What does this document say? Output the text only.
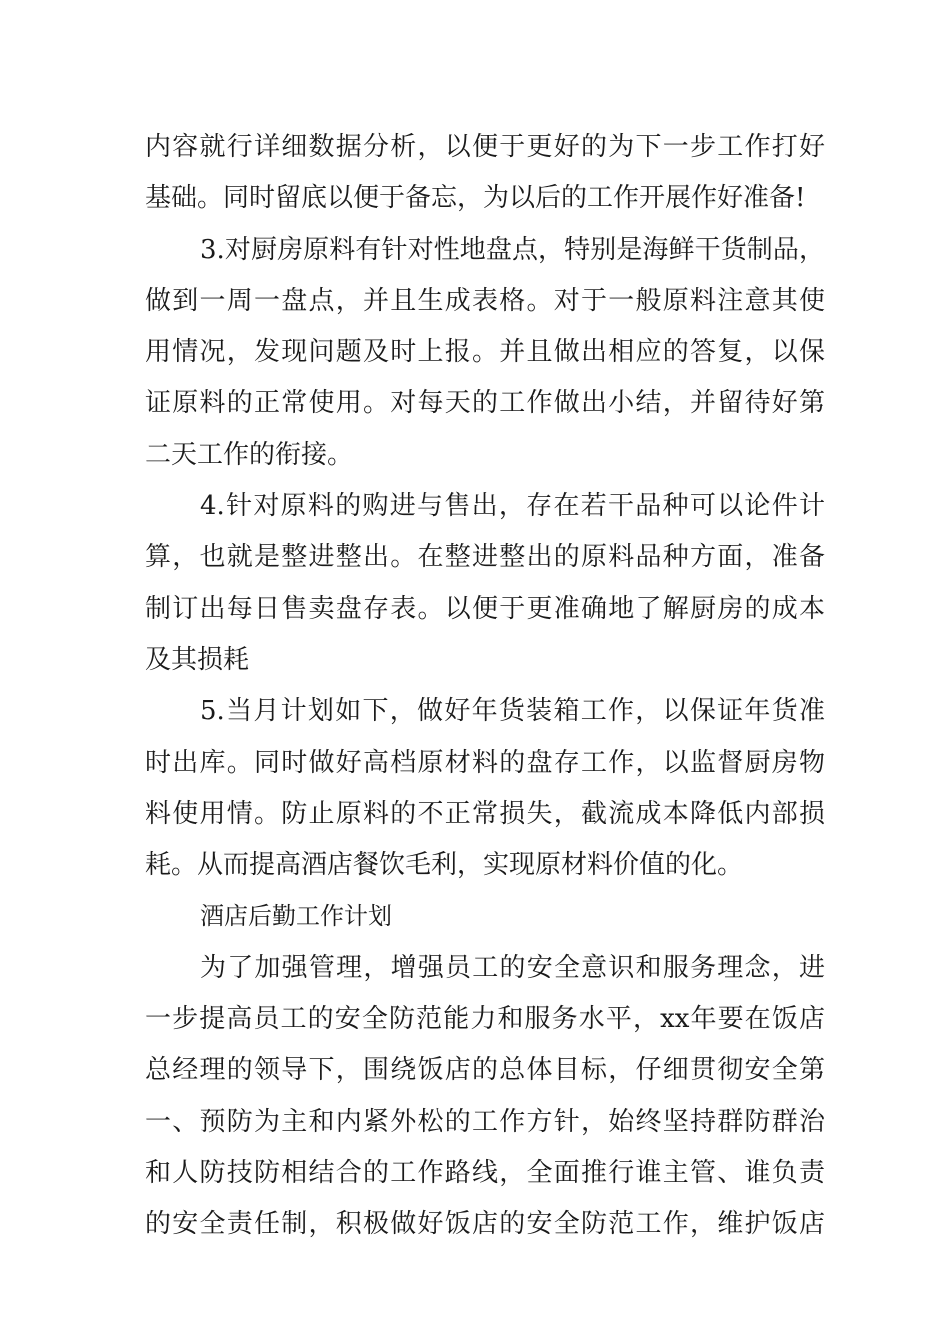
内容就行详细数据分析，以便于更好的为下一步工作打好
基础。同时留底以便于备忘，为以后的工作开展作好准备!
3.对厨房原料有针对性地盘点，特别是海鲜干货制品，
做到一周一盘点，并且生成表格。对于一般原料注意其使
用情况，发现问题及时上报。并且做出相应的答复，以保
证原料的正常使用。对每天的工作做出小结，并留待好第
二天工作的衔接。
4.针对原料的购进与售出，存在若干品种可以论件计
算，也就是整进整出。在整进整出的原料品种方面，准备
制订出每日售卖盘存表。以便于更准确地了解厨房的成本
及其损耗
5.当月计划如下，做好年货装箱工作，以保证年货准
时出库。同时做好高档原材料的盘存工作，以监督厨房物
料使用情。防止原料的不正常损失，截流成本降低内部损
耗。从而提高酒店餐饮毛利，实现原材料价值的化。
酒店后勤工作计划
为了加强管理，增强员工的安全意识和服务理念，进
一步提高员工的安全防范能力和服务水平，xx年要在饭店
总经理的领导下，围绕饭店的总体目标，仔细贯彻安全第
一、预防为主和内紧外松的工作方针，始终坚持群防群治
和人防技防相结合的工作路线，全面推行谁主管、谁负责
的安全责任制，积极做好饭店的安全防范工作，维护饭店
